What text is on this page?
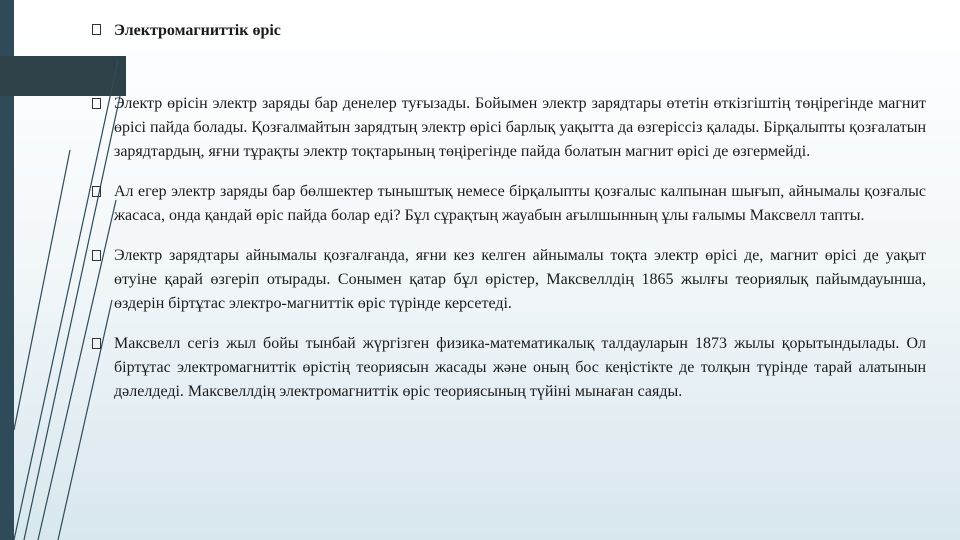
Электромагниттік өріс
Электр өрісін электр заряды бар денелер туғызады. Бойымен электр зарядтары өтетін өткізгіштің төңірегінде магнит өрісі пайда болады. Қозғалмайтын зарядтың электр өрісі барлық уақытта да өзгеріссіз қалады. Бірқалыпты қозғалатын зарядтардың, яғни тұрақты электр тоқтарының төңірегінде пайда болатын магнит өрісі де өзгермейді.
Ал егер электр заряды бар бөлшектер тыныштық немесе бірқалыпты қозғалыс калпынан шығып, айнымалы қозғалыс жасаса, онда қандай өріс пайда болар еді? Бұл сұрақтың жауабын ағылшынның ұлы ғалымы Максвелл тапты.
Электр зарядтары айнымалы қозғалғанда, яғни кез келген айнымалы тоқта электр өрісі де, магнит өрісі де уақыт өтуіне қарай өзгеріп отырады. Сонымен қатар бұл өрістер, Максвеллдің 1865 жылғы теориялық пайымдауынша, өздерін біртұтас электро-магниттік өріс түрінде керсетеді.
Максвелл сегіз жыл бойы тынбай жүргізген физика-математикалық талдауларын 1873 жылы қорытындылады. Ол біртұтас электромагниттік өрістің теориясын жасады және оның бос кеңістікте де толқын түрінде тарай алатынын дәлелдеді. Максвеллдің электромагниттік өріс теориясының түйіні мынаған саяды.
